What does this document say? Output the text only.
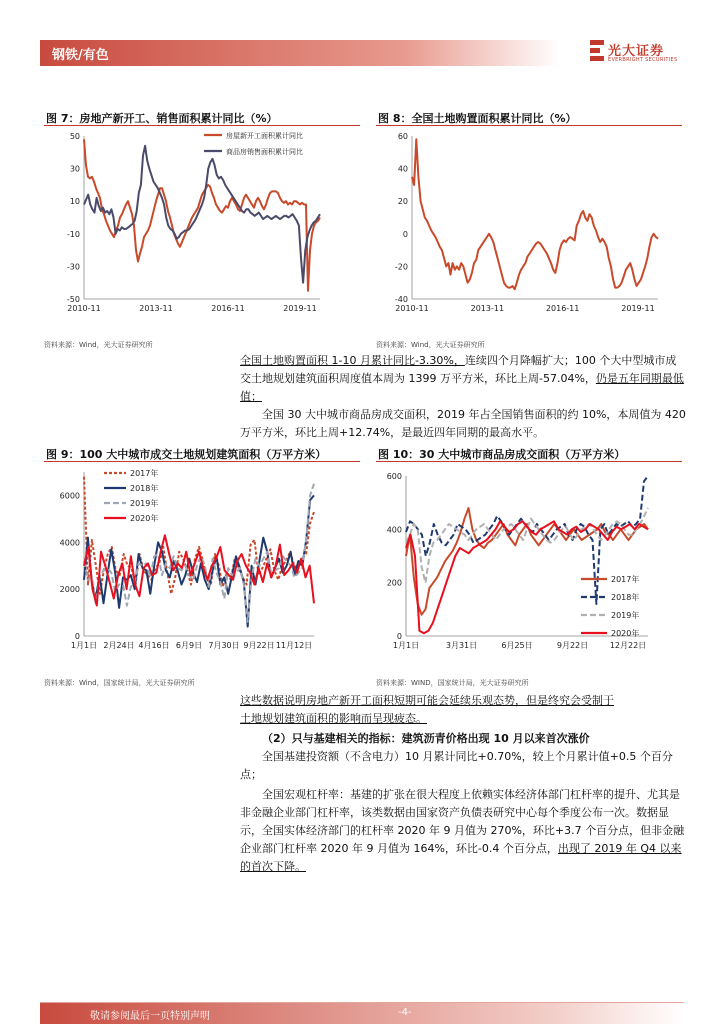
钢铁/有色	光大证券
EVERBRIGHT SECURITIES
图 7：房地产新开工、销售面积累计同比（%）
50
30
10
-10
-30
-50
2010-11	2013-11	2016-11	2019-11
房屋新开工面积累计同比
商品房销售面积累计同比
资料来源：Wind，光大证券研究所
图 8：全国土地购置面积累计同比（%）
60
40
20
0
-20
-40
2010-11	2013-11	2016-11	2019-11
资料来源：Wind，光大证券研究所
全国土地购置面积 1-10 月累计同比-3.30%，连续四个月降幅扩大；100 个大中型城市成交土地规划建筑面积周度值本周为 1399 万平方米，环比上周-57.04%，仍是五年同期最低值；
全国 30 大中城市商品房成交面积，2019 年占全国销售面积的约 10%，本周值为 420 万平方米，环比上周+12.74%，是最近四年同期的最高水平。
图 9：100 大中城市成交土地规划建筑面积（万平方米）
6000
4000
2000
0
1月1日 2月24日 4月16日 6月9日 7月30日 9月22日 11月12日
2017年
2018年
2019年
2020年
资料来源：Wind，国家统计局，光大证券研究所
图 10：30 大中城市商品房成交面积（万平方米）
600
400
200
0
1月1日	3月31日	6月25日	9月22日	12月22日
2017年
2018年
2019年
2020年
资料来源：WIND，国家统计局，光大证券研究所
这些数据说明房地产新开工面积短期可能会延续乐观态势，但是终究会受制于
土地规划建筑面积的影响而呈现疲态。
（2）只与基建相关的指标：建筑沥青价格出现 10 月以来首次涨价
全国基建投资额（不含电力）10 月累计同比+0.70%，较上个月累计值+0.5 个百分点；
全国宏观杠杆率：基建的扩张在很大程度上依赖实体经济体部门杠杆率的提升、尤其是非金融企业部门杠杆率，该类数据由国家资产负债表研究中心每个季度公布一次。数据显示，全国实体经济部门的杠杆率 2020 年 9 月值为 270%，环比+3.7 个百分点，但非金融企业部门杠杆率 2020 年 9 月值为 164%，环比-0.4 个百分点，出现了 2019 年 Q4 以来的首次下降。
敬请参阅最后一页特别声明	-4-
